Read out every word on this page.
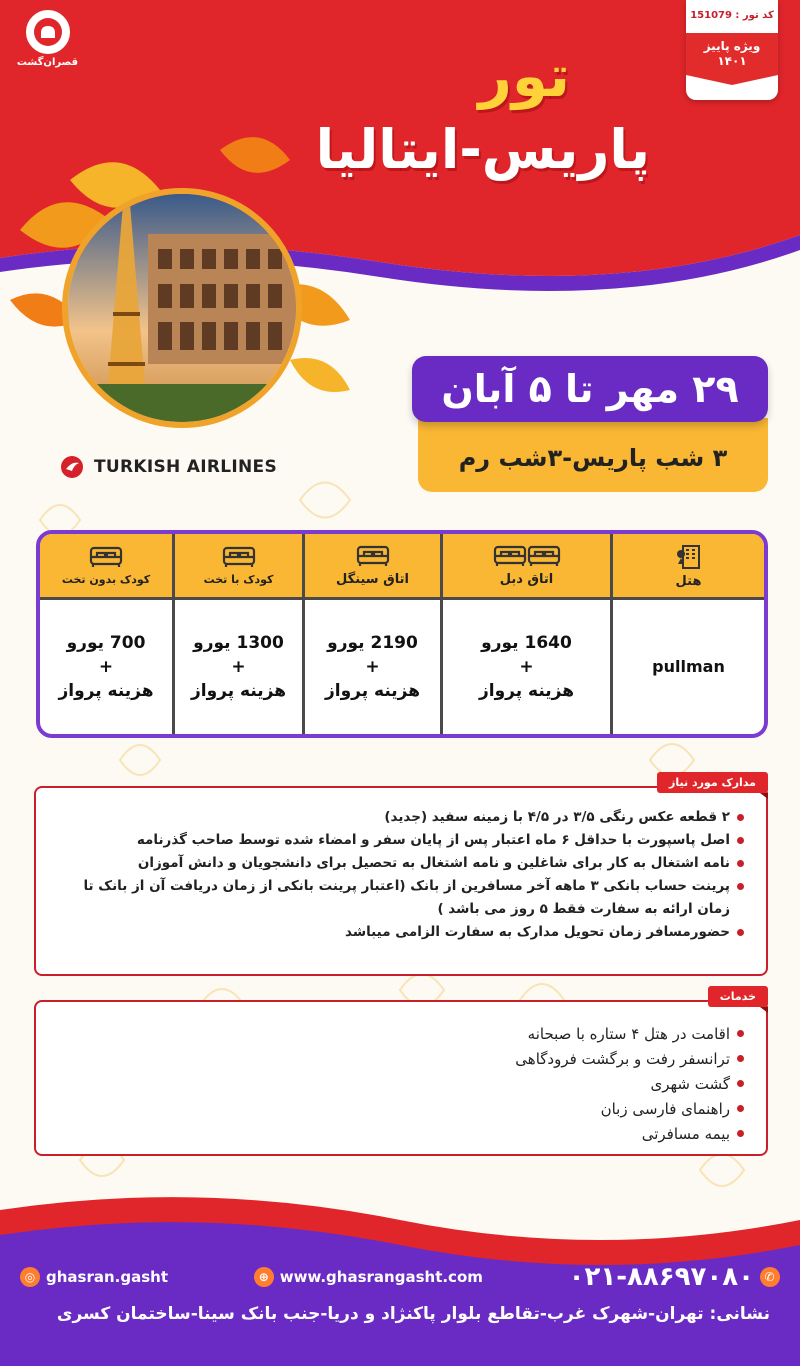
قصران‌گشت
کد تور : 151079
ویژه پاییز
۱۴۰۱
تور
پاریس-ایتالیا
TURKISH AIRLINES
۲۹ مهر تا ۵ آبان
۳ شب پاریس-۳شب رم
هتل
pullman
اتاق دبل
1640 یورو
+
هزینه پرواز
اتاق سینگل
2190 یورو
+
هزینه پرواز
کودک با تخت
1300 یورو
+
هزینه پرواز
کودک بدون تخت
700 یورو
+
هزینه پرواز
مدارک مورد نیاز
۲ قطعه عکس رنگی ۳/۵ در ۴/۵ با زمینه سفید (جدید)
اصل پاسپورت با حداقل ۶ ماه اعتبار پس از پایان سفر و امضاء شده توسط صاحب گذرنامه
نامه اشتغال به کار برای شاغلین و نامه اشتغال به تحصیل برای دانشجویان و دانش آموزان
پرینت حساب بانکی ۳ ماهه آخر مسافرین از بانک (اعتبار پرینت بانکی از زمان دریافت آن از بانک تا زمان ارائه به سفارت فقط ۵ روز می باشد )
حضورمسافر زمان تحویل مدارک به سفارت الزامی میباشد
خدمات
اقامت در هتل ۴ ستاره با صبحانه
ترانسفر رفت و برگشت فرودگاهی
گشت شهری
راهنمای فارسی زبان
بیمه مسافرتی
◎ ghasran.gasht	⊕ www.ghasrangasht.com	۰۲۱-۸۸۶۹۷۰۸۰ ✆
نشانی: تهران-شهرک غرب-تقاطع بلوار پاکنژاد و دریا-جنب بانک سینا-ساختمان کسری
